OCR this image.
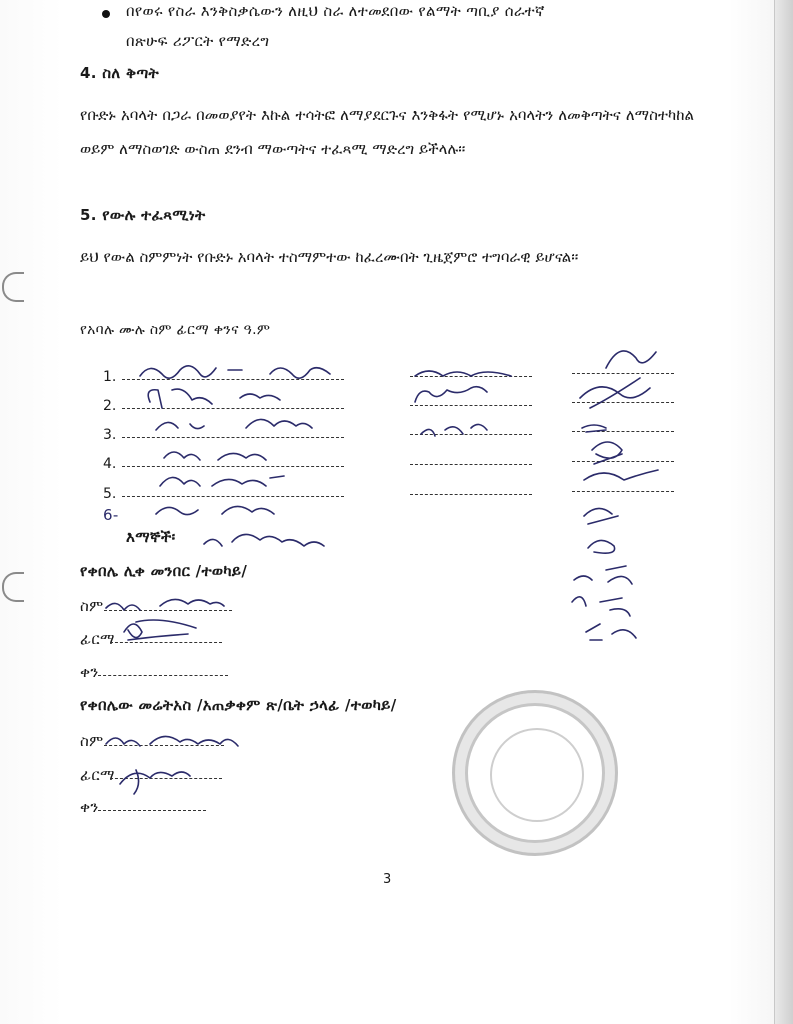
በየወሩ የስራ እንቅስቃሴውን ለዚህ ስራ ለተመደበው የልማት ጣቢያ ሰራተኛ
በጽሁፍ ሪፖርት የማድረግ
4. ስለ ቅጣት
የቡድኑ አባላት በጋራ በመወያየት እኩል ተሳትፎ ለማያደርጉና እንቅፋት የሚሆኑ አባላትን ለመቅጣትና ለማስተካከል ወይም ለማስወገድ ውስጠ ደንብ ማውጣትና ተፈጻሚ ማድረግ ይችላሉ፡፡
5. የውሉ ተፈጻሚነት
ይህ የውል ስምምነት የቡድኑ አባላት ተስማምተው ከፈረሙበት ጊዜጀምሮ ተግባራዊ ይሆናል፡፡
የአባሉ ሙሉ ስም ፊርማ ቀንና ዓ.ም
1.
2.
3.
4.
5.
6-
እማኞች፡
የቀበሌ ሊቀ መንበር /ተወካይ/
ስም
ፊርማ
ቀን
የቀበሌው መሬትአስ /አጠቃቀም ጽ/ቤት ኃላፊ /ተወካይ/
ስም
ፊርማ
ቀን
3
